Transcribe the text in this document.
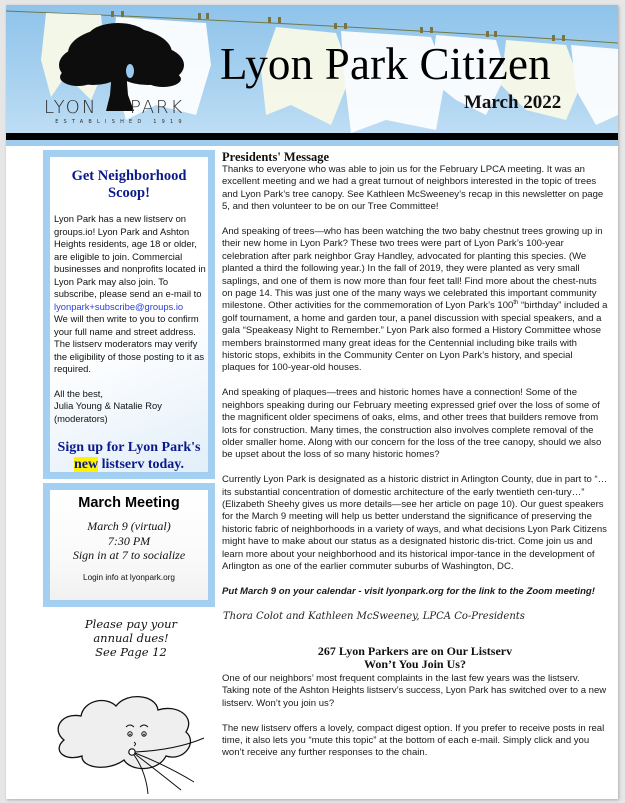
LYON PARK
ESTABLISHED 1919
Lyon Park Citizen
March 2022
Get Neighborhood Scoop!
Lyon Park has a new listserv on groups.io! Lyon Park and Ashton Heights residents, age 18 or older, are eligible to join. Commercial businesses and nonprofits located in Lyon Park may also join. To subscribe, please send an e-mail to
lyonpark+subscribe@groups.io
We will then write to you to confirm your full name and street address. The listserv moderators may verify the eligibility of those posting to it as required.
All the best,
Julia Young & Natalie Roy
(moderators)
Sign up for Lyon Park's
new listserv today.
March Meeting
March 9 (virtual)
7:30 PM
Sign in at 7 to socialize
Login info at lyonpark.org
Please pay your
annual dues!
See Page 12
Presidents' Message

Thanks to everyone who was able to join us for the February LPCA meeting. It was an excellent meeting and we had a great turnout of neighbors interested in the topic of trees and Lyon Park’s tree canopy. See Kathleen McSweeney’s recap in this newsletter on page 5, and then volunteer to be on our Tree Committee!

And speaking of trees—who has been watching the two baby chestnut trees growing up in their new home in Lyon Park? These two trees were part of Lyon Park’s 100-year celebration after park neighbor Gray Handley, advocated for planting this species. (We planted a third the following year.) In the fall of 2019, they were planted as very small saplings, and one of them is now more than four feet tall! Find more about the chest-nuts on page 14. This was just one of the many ways we celebrated this important community milestone. Other activities for the commemoration of Lyon Park’s 100th “birthday” included a golf tournament, a home and garden tour, a panel discussion with special speakers, and a gala “Speakeasy Night to Remember.” Lyon Park also formed a History Committee whose members brainstormed many great ideas for the Centennial including bike trails with historic stops, exhibits in the Community Center on Lyon Park’s history, and special plaques for 100-year-old houses.

And speaking of plaques—trees and historic homes have a connection! Some of the neighbors speaking during our February meeting expressed grief over the loss of some of the magnificent older specimens of oaks, elms, and other trees that builders remove from lots for construction. Many times, the construction also involves complete removal of the older smaller home. Along with our concern for the loss of the tree canopy, should we also be upset about the loss of so many historic homes?

Currently Lyon Park is designated as a historic district in Arlington County, due in part to “…its substantial concentration of domestic architecture of the early twentieth cen-tury…” (Elizabeth Sheehy gives us more details—see her article on page 10). Our guest speakers for the March 9 meeting will help us better understand the significance of preserving the historic fabric of neighborhoods in a variety of ways, and what decisions Lyon Park Citizens might have to make about our status as a designated historic dis-trict. Come join us and learn more about your neighborhood and its historical impor-tance in the development of Arlington as one of the earlier commuter suburbs of Washington, DC.

Put March 9 on your calendar - visit lyonpark.org for the link to the Zoom meeting!

Thora Colot and Kathleen McSweeney, LPCA Co-Presidents
267 Lyon Parkers are on Our Listserv
Won’t You Join Us?

One of our neighbors’ most frequent complaints in the last few years was the listserv. Taking note of the Ashton Heights listserv’s success, Lyon Park has switched over to a new listserv. Won’t you join us?

The new listserv offers a lovely, compact digest option. If you prefer to receive posts in real time, it also lets you “mute this topic” at the bottom of each e-mail. Simply click and you won’t receive any further responses to the chain.
